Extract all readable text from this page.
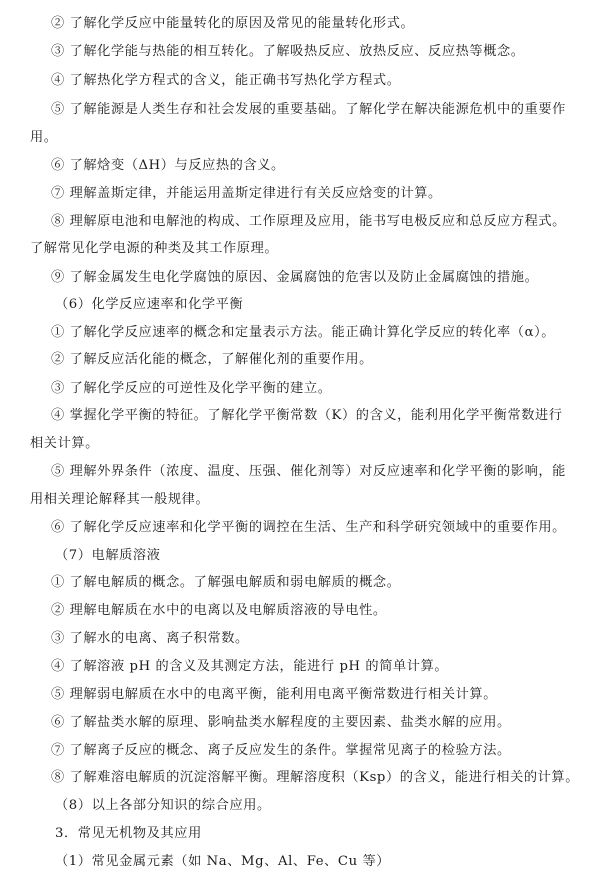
② 了解化学反应中能量转化的原因及常见的能量转化形式。
③ 了解化学能与热能的相互转化。了解吸热反应、放热反应、反应热等概念。
④ 了解热化学方程式的含义，能正确书写热化学方程式。
⑤ 了解能源是人类生存和社会发展的重要基础。了解化学在解决能源危机中的重要作
用。
⑥ 了解焓变（ΔH）与反应热的含义。
⑦ 理解盖斯定律，并能运用盖斯定律进行有关反应焓变的计算。
⑧ 理解原电池和电解池的构成、工作原理及应用，能书写电极反应和总反应方程式。
了解常见化学电源的种类及其工作原理。
⑨ 了解金属发生电化学腐蚀的原因、金属腐蚀的危害以及防止金属腐蚀的措施。
（6）化学反应速率和化学平衡
① 了解化学反应速率的概念和定量表示方法。能正确计算化学反应的转化率（α）。
② 了解反应活化能的概念，了解催化剂的重要作用。
③ 了解化学反应的可逆性及化学平衡的建立。
④ 掌握化学平衡的特征。了解化学平衡常数（K）的含义，能利用化学平衡常数进行
相关计算。
⑤ 理解外界条件（浓度、温度、压强、催化剂等）对反应速率和化学平衡的影响，能
用相关理论解释其一般规律。
⑥ 了解化学反应速率和化学平衡的调控在生活、生产和科学研究领域中的重要作用。
（7）电解质溶液
① 了解电解质的概念。了解强电解质和弱电解质的概念。
② 理解电解质在水中的电离以及电解质溶液的导电性。
③ 了解水的电离、离子积常数。
④ 了解溶液 pH 的含义及其测定方法，能进行 pH 的简单计算。
⑤ 理解弱电解质在水中的电离平衡，能利用电离平衡常数进行相关计算。
⑥ 了解盐类水解的原理、影响盐类水解程度的主要因素、盐类水解的应用。
⑦ 了解离子反应的概念、离子反应发生的条件。掌握常见离子的检验方法。
⑧ 了解难溶电解质的沉淀溶解平衡。理解溶度积（Ksp）的含义，能进行相关的计算。
（8）以上各部分知识的综合应用。
3．常见无机物及其应用
（1）常见金属元素（如 Na、Mg、Al、Fe、Cu 等）
